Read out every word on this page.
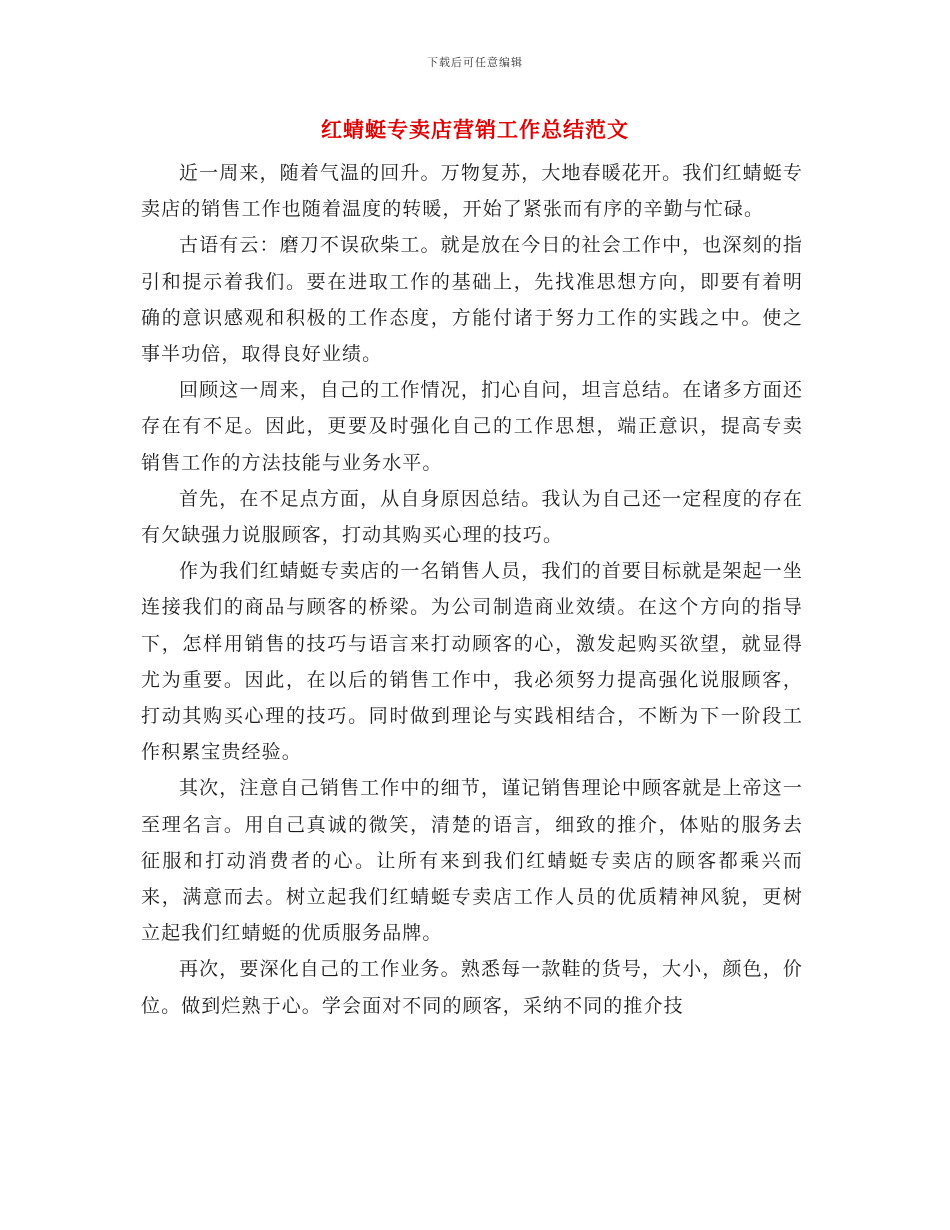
下载后可任意编辑
红蜻蜓专卖店营销工作总结范文

近一周来，随着气温的回升。万物复苏，大地春暖花开。我们红蜻蜓专卖店的销售工作也随着温度的转暖，开始了紧张而有序的辛勤与忙碌。

古语有云：磨刀不误砍柴工。就是放在今日的社会工作中，也深刻的指引和提示着我们。要在进取工作的基础上，先找准思想方向，即要有着明确的意识感观和积极的工作态度，方能付诸于努力工作的实践之中。使之事半功倍，取得良好业绩。

回顾这一周来，自己的工作情况，扪心自问，坦言总结。在诸多方面还存在有不足。因此，更要及时强化自己的工作思想，端正意识，提高专卖销售工作的方法技能与业务水平。

首先，在不足点方面，从自身原因总结。我认为自己还一定程度的存在有欠缺强力说服顾客，打动其购买心理的技巧。

作为我们红蜻蜓专卖店的一名销售人员，我们的首要目标就是架起一坐连接我们的商品与顾客的桥梁。为公司制造商业效绩。在这个方向的指导下，怎样用销售的技巧与语言来打动顾客的心，激发起购买欲望，就显得尤为重要。因此，在以后的销售工作中，我必须努力提高强化说服顾客，打动其购买心理的技巧。同时做到理论与实践相结合，不断为下一阶段工作积累宝贵经验。

其次，注意自己销售工作中的细节，谨记销售理论中顾客就是上帝这一至理名言。用自己真诚的微笑，清楚的语言，细致的推介，体贴的服务去征服和打动消费者的心。让所有来到我们红蜻蜓专卖店的顾客都乘兴而来，满意而去。树立起我们红蜻蜓专卖店工作人员的优质精神风貌，更树立起我们红蜻蜓的优质服务品牌。

再次，要深化自己的工作业务。熟悉每一款鞋的货号，大小，颜色，价位。做到烂熟于心。学会面对不同的顾客，采纳不同的推介技
